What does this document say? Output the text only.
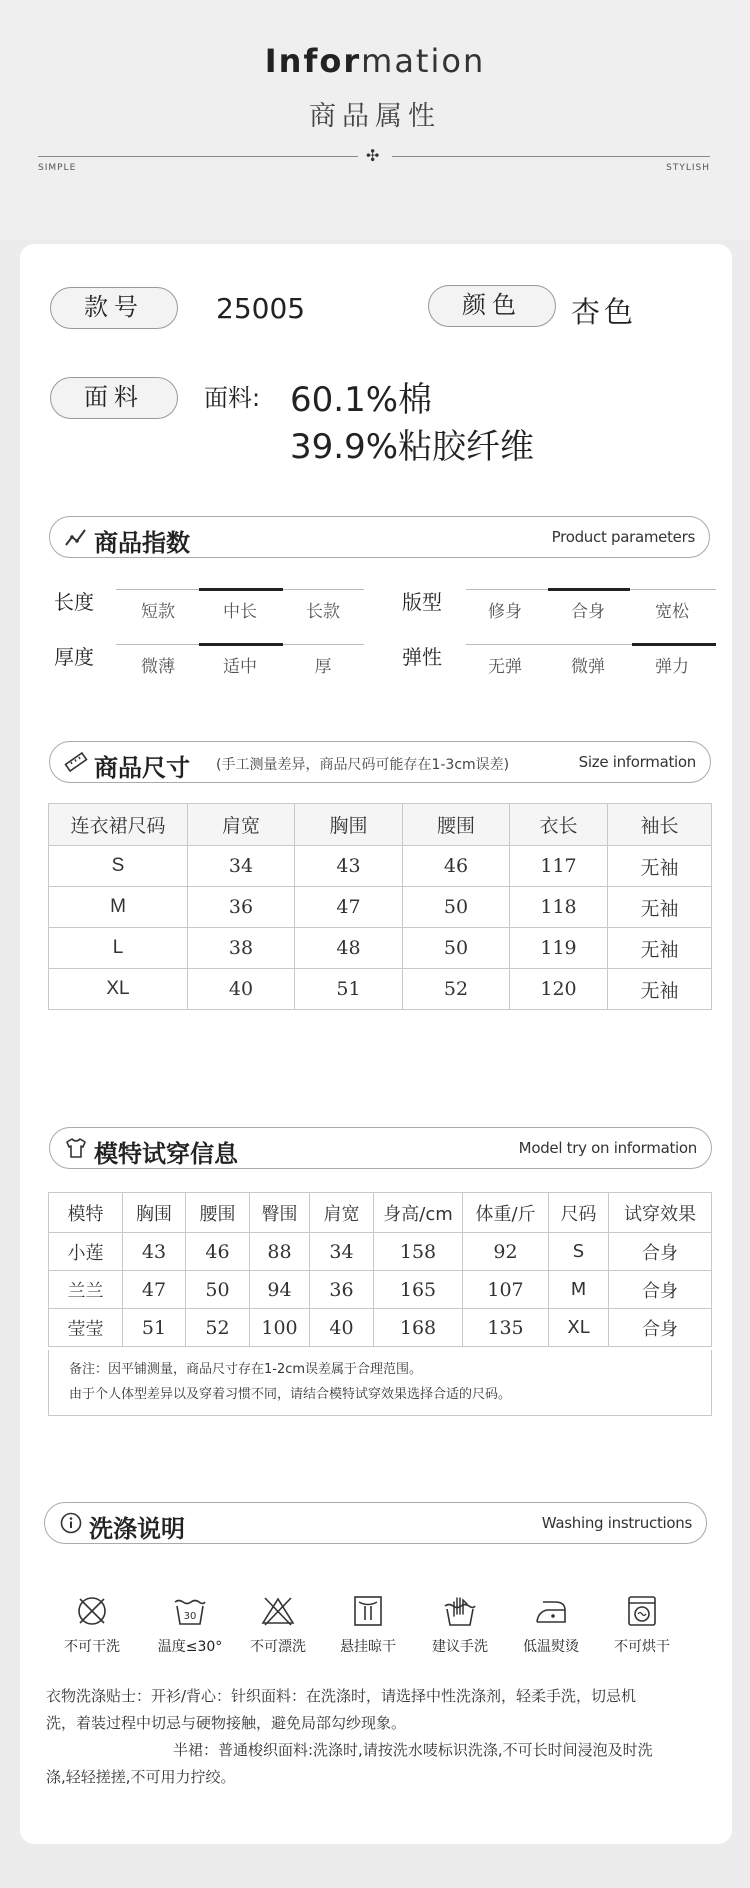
Information
商品属性
✣
SIMPLE	STYLISH
款号	25005	颜色	杏色
面料	面料: 60.1%棉
39.9%粘胶纤维
商品指数	Product parameters
长度	版型
厚度	弹性
短款	中长	长款	修身	合身	宽松
微薄	适中	厚	无弹	微弹	弹力
商品尺寸 (手工测量差异，商品尺码可能存在1-3cm误差)	Size information
连衣裙尺码	肩宽	胸围	腰围	衣长	袖长
S	34	43	46	117	无袖
M	36	47	50	118	无袖
L	38	48	50	119	无袖
XL	40	51	52	120	无袖
模特试穿信息	Model try on information
模特	胸围	腰围	臀围	肩宽	身高/cm	体重/斤	尺码	试穿效果
小莲	43	46	88	34	158	92	S	合身
兰兰	47	50	94	36	165	107	M	合身
莹莹	51	52	100	40	168	135	XL	合身
备注：因平铺测量，商品尺寸存在1-2cm误差属于合理范围。
由于个人体型差异以及穿着习惯不同，请结合模特试穿效果选择合适的尺码。
洗涤说明	Washing instructions
不可干洗
30
温度≤30°	不可漂洗	悬挂晾干	建议手洗	低温熨烫	不可烘干
衣物洗涤贴士：开衫/背心：针织面料：在洗涤时，请选择中性洗涤剂，轻柔手洗，切忌机
洗，着装过程中切忌与硬物接触，避免局部勾纱现象。
半裙：普通梭织面料:洗涤时,请按洗水唛标识洗涤,不可长时间浸泡及时洗
涤,轻轻搓搓,不可用力拧绞。
